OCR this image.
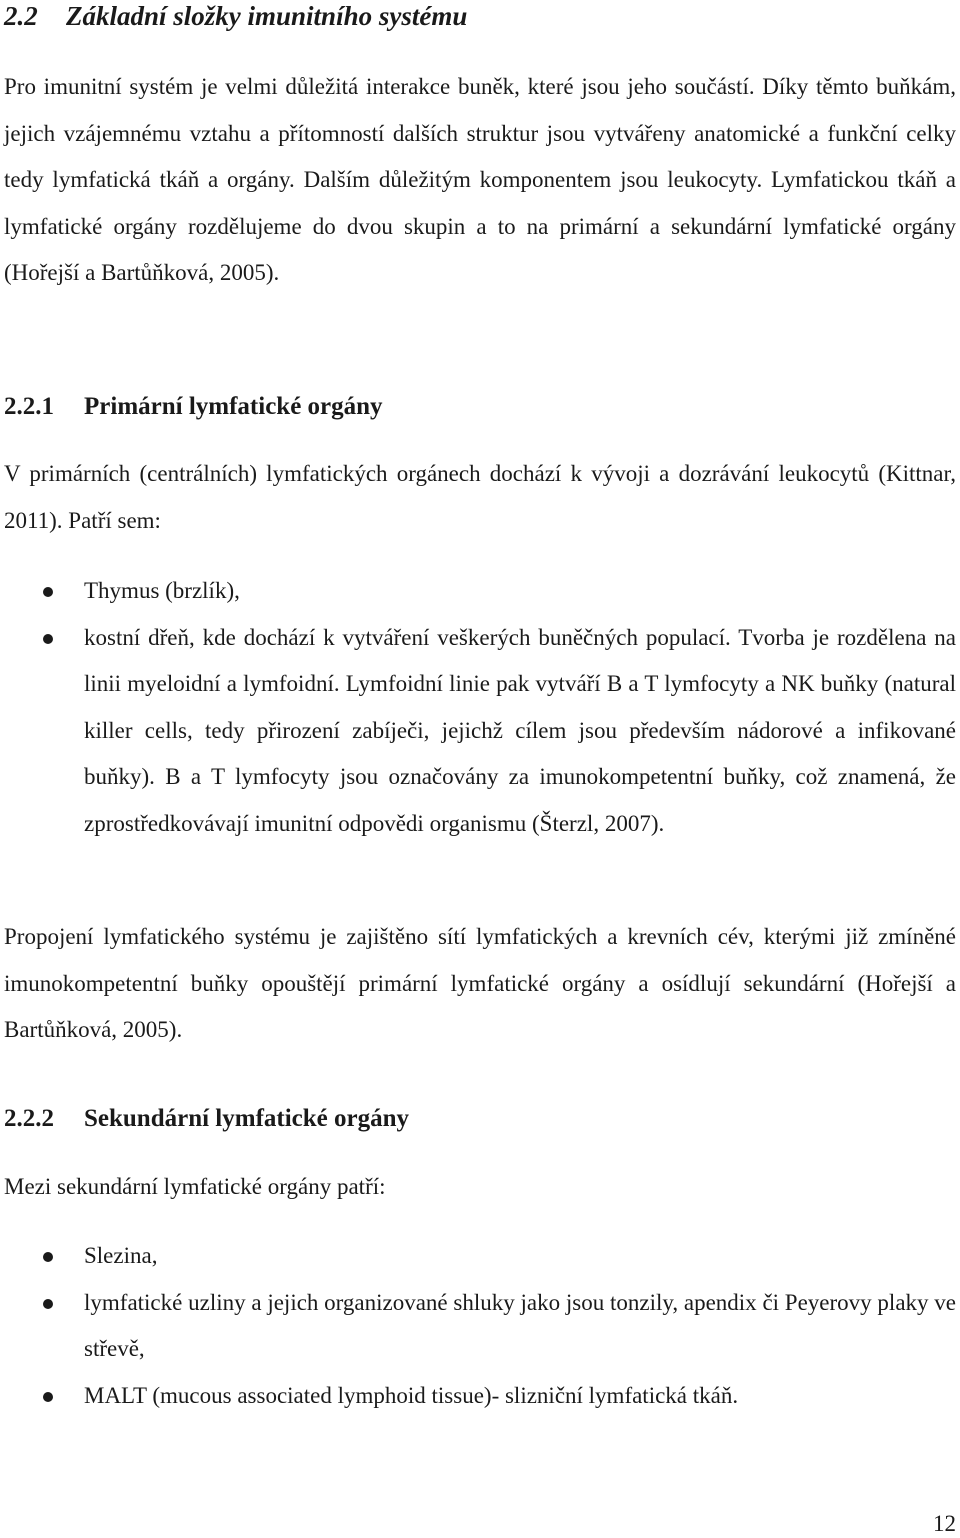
2.2 Základní složky imunitního systému

Pro imunitní systém je velmi důležitá interakce buněk, které jsou jeho součástí. Díky těmto buňkám, jejich vzájemnému vztahu a přítomností dalších struktur jsou vytvářeny anatomické a funkční celky tedy lymfatická tkáň a orgány. Dalším důležitým komponentem jsou leukocyty. Lymfatickou tkáň a lymfatické orgány rozdělujeme do dvou skupin a to na primární a sekundární lymfatické orgány (Hořejší a Bartůňková, 2005).

2.2.1 Primární lymfatické orgány

V primárních (centrálních) lymfatických orgánech dochází k vývoji a dozrávání leukocytů (Kittnar, 2011). Patří sem:

Thymus (brzlík),
kostní dřeň, kde dochází k vytváření veškerých buněčných populací. Tvorba je rozdělena na linii myeloidní a lymfoidní. Lymfoidní linie pak vytváří B a T lymfocyty a NK buňky (natural killer cells, tedy přirození zabíječi, jejichž cílem jsou především nádorové a infikované buňky). B a T lymfocyty jsou označovány za imunokompetentní buňky, což znamená, že zprostředkovávají imunitní odpovědi organismu (Šterzl, 2007).

Propojení lymfatického systému je zajištěno sítí lymfatických a krevních cév, kterými již zmíněné imunokompetentní buňky opouštějí primární lymfatické orgány a osídlují sekundární (Hořejší a Bartůňková, 2005).

2.2.2 Sekundární lymfatické orgány

Mezi sekundární lymfatické orgány patří:

Slezina,
lymfatické uzliny a jejich organizované shluky jako jsou tonzily, apendix či Peyerovy plaky ve střevě,
MALT (mucous associated lymphoid tissue)- slizniční lymfatická tkáň.
12
